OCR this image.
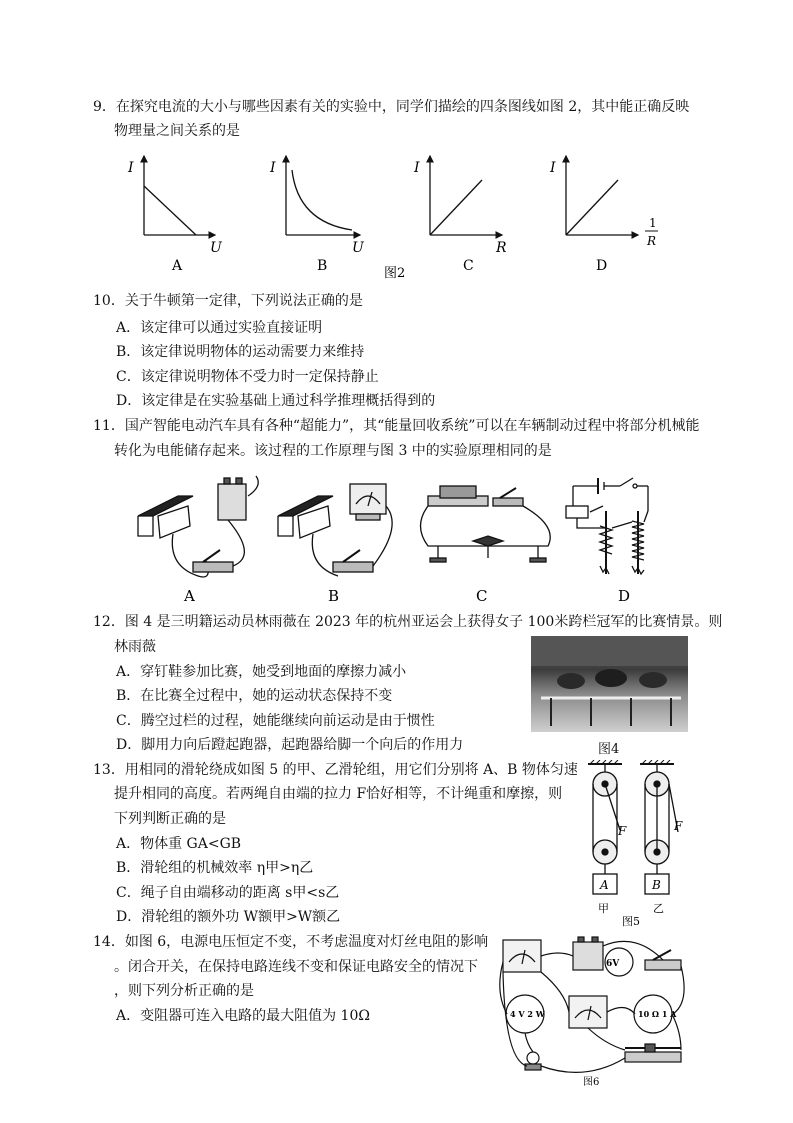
9．在探究电流的大小与哪些因素有关的实验中，同学们描绘的四条图线如图 2，其中能正确反映
物理量之间关系的是
I
U
A
I
U
B
I
R
C
I
1
R
D
图2
10．关于牛顿第一定律，下列说法正确的是
A．该定律可以通过实验直接证明
B．该定律说明物体的运动需要力来维持
C．该定律说明物体不受力时一定保持静止
D．该定律是在实验基础上通过科学推理概括得到的
11．国产智能电动汽车具有各种“超能力”，其“能量回收系统”可以在车辆制动过程中将部分机械能
转化为电能储存起来。该过程的工作原理与图 3 中的实验原理相同的是
A	B	C	D
12．图 4 是三明籍运动员林雨薇在 2023 年的杭州亚运会上获得女子 100米跨栏冠军的比赛情景。则
林雨薇
A．穿钉鞋参加比赛，她受到地面的摩擦力减小
B．在比赛全过程中，她的运动状态保持不变
C．腾空过栏的过程，她能继续向前运动是由于惯性
D．脚用力向后蹬起跑器，起跑器给脚一个向后的作用力	图4
13．用相同的滑轮绕成如图 5 的甲、乙滑轮组，用它们分别将 A、B 物体匀速
提升相同的高度。若两绳自由端的拉力 F恰好相等，不计绳重和摩擦，则
下列判断正确的是
A．物体重 GA<GB
B．滑轮组的机械效率 η甲>η乙
C．绳子自由端移动的距离 s甲<s乙
D．滑轮组的额外功 W额甲>W额乙
A
F
甲
B
F
乙
图5
14．如图 6，电源电压恒定不变，不考虑温度对灯丝电阻的影响
。闭合开关，在保持电路连线不变和保证电路安全的情况下
，则下列分析正确的是
A．变阻器可连入电路的最大阻值为 10Ω
6V
4 V 2 W	10 Ω 1 A
图6
